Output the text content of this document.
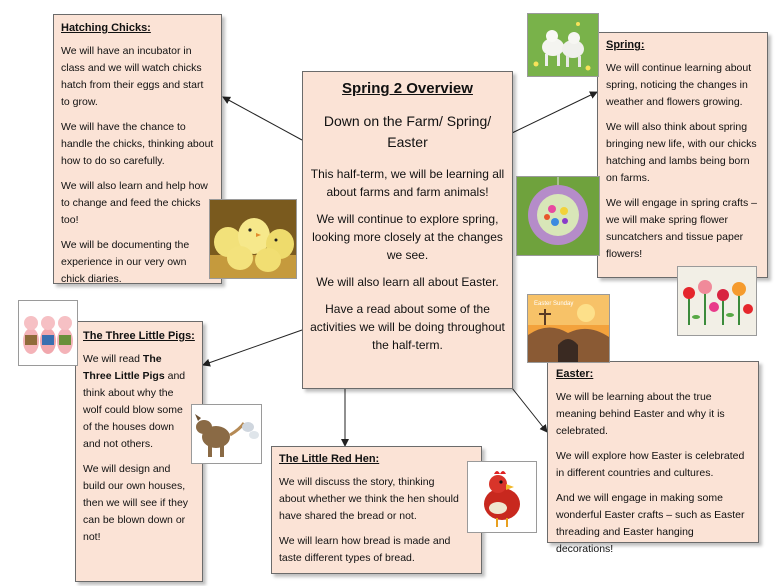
Spring 2 Overview
Down on the Farm/ Spring/ Easter

This half-term, we will be learning all about farms and farm animals!

We will continue to explore spring, looking more closely at the changes we see.

We will also learn all about Easter.

Have a read about some of the activities we will be doing throughout the half-term.

Hatching Chicks:

We will have an incubator in class and we will watch chicks hatch from their eggs and start to grow.

We will have the chance to handle the chicks, thinking about how to do so carefully.

We will also learn and help how to change and feed the chicks too!

We will be documenting the experience in our very own chick diaries.

Spring:

We will continue learning about spring, noticing the changes in weather and flowers growing.

We will also think about spring bringing new life, with our chicks hatching and lambs being born on farms.

We will engage in spring crafts – we will make spring flower suncatchers and tissue paper flowers!

The Three Little Pigs:

We will read The Three Little Pigs and think about why the wolf could blow some of the houses down and not others.

We will design and build our own houses, then we will see if they can be blown down or not!

The Little Red Hen:

We will discuss the story, thinking about whether we think the hen should have shared the bread or not.

We will learn how bread is made and taste different types of bread.

Easter:

We will be learning about the true meaning behind Easter and why it is celebrated.

We will explore how Easter is celebrated in different countries and cultures.

And we will engage in making some wonderful Easter crafts – such as Easter threading and Easter hanging decorations!

Easter Sunday
